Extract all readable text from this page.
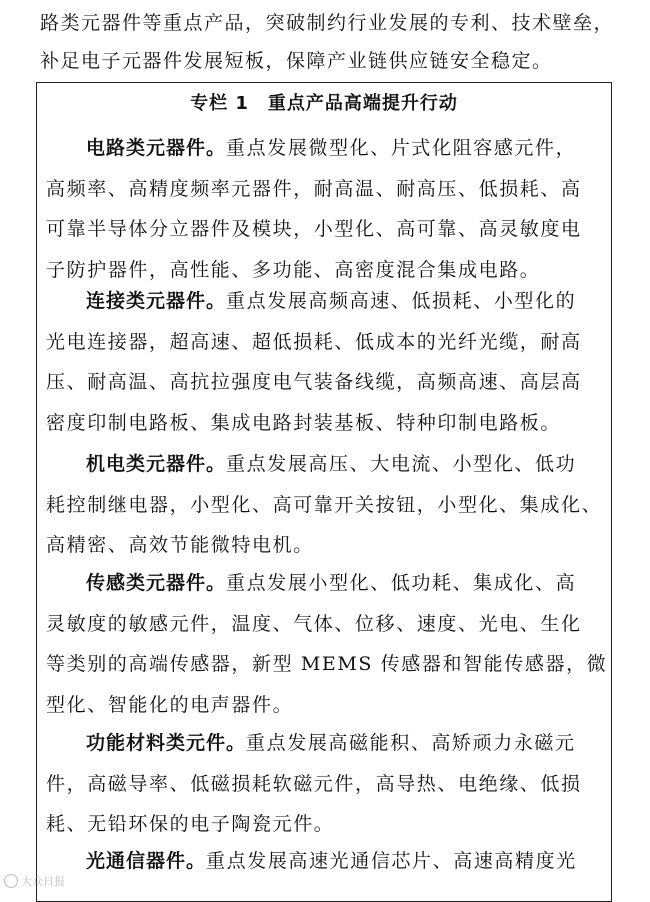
路类元器件等重点产品，突破制约行业发展的专利、技术壁垒，
补足电子元器件发展短板，保障产业链供应链安全稳定。
专栏 1　重点产品高端提升行动
电路类元器件。重点发展微型化、片式化阻容感元件，
高频率、高精度频率元器件，耐高温、耐高压、低损耗、高
可靠半导体分立器件及模块，小型化、高可靠、高灵敏度电
子防护器件，高性能、多功能、高密度混合集成电路。
连接类元器件。重点发展高频高速、低损耗、小型化的
光电连接器，超高速、超低损耗、低成本的光纤光缆，耐高
压、耐高温、高抗拉强度电气装备线缆，高频高速、高层高
密度印制电路板、集成电路封装基板、特种印制电路板。
机电类元器件。重点发展高压、大电流、小型化、低功
耗控制继电器，小型化、高可靠开关按钮，小型化、集成化、
高精密、高效节能微特电机。
传感类元器件。重点发展小型化、低功耗、集成化、高
灵敏度的敏感元件，温度、气体、位移、速度、光电、生化
等类别的高端传感器，新型 MEMS 传感器和智能传感器，微
型化、智能化的电声器件。
功能材料类元件。重点发展高磁能积、高矫顽力永磁元
件，高磁导率、低磁损耗软磁元件，高导热、电绝缘、低损
耗、无铅环保的电子陶瓷元件。
光通信器件。重点发展高速光通信芯片、高速高精度光
大众日报
